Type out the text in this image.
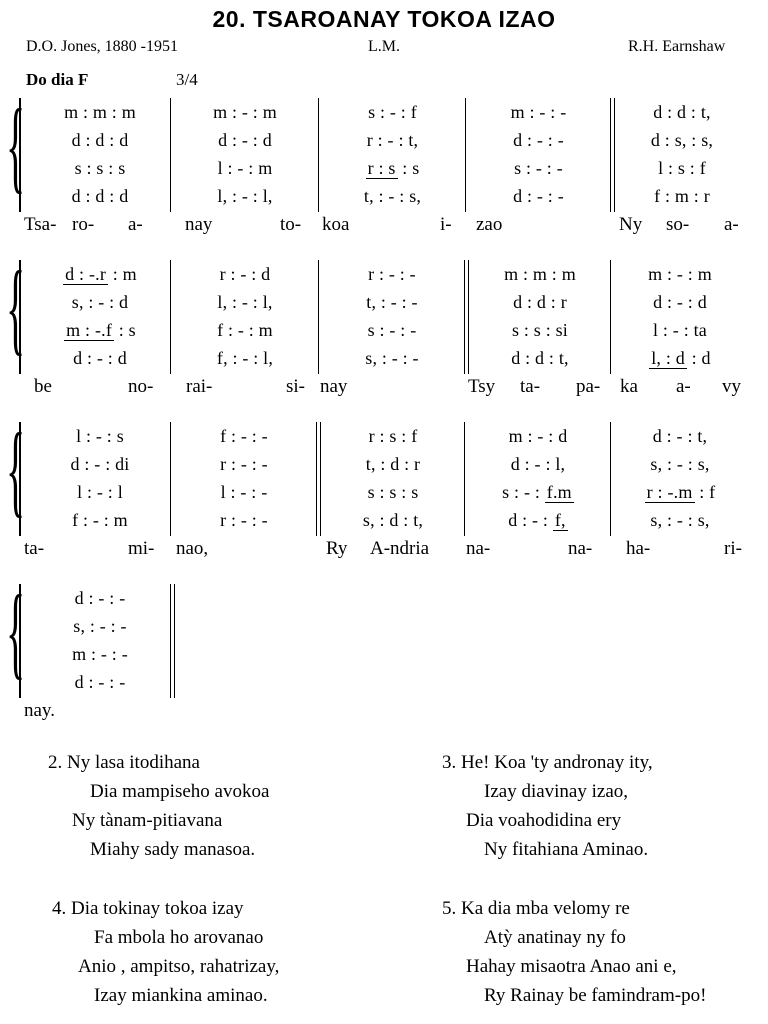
20. TSAROANAY TOKOA IZAO
D.O. Jones, 1880 -1951	L.M.	R.H. Earnshaw
Do dia F	3/4
{	m : m : m	m : - : m	s : - : f	m : - : -	d : d : t,
d : d : d	d : - : d	r : - : t,	d : - : -	d : s, : s,
s : s : s	l : - : m	r : s : s	s : - : -	l : s : f
d : d : d	l, : - : l,	t, : - : s,	d : - : -	f : m : r
Tsa- ro- a- nay	to- koa	i- zao	Ny so- a-
{	d : -.r : m	r : - : d	r : - : -	m : m : m	m : - : m
s, : - : d	l, : - : l,	t, : - : -	d : d : r	d : - : d
m : -.f : s	f : - : m	s : - : -	s : s : si	l : - : ta
d : - : d	f, : - : l,	s, : - : -	d : d : t,	l, : d : d
be	no- rai-	si- nay	Tsy ta- pa- ka a- vy
{	l : - : s	f : - : -	r : s : f	m : - : d	d : - : t,
d : - : di	r : - : -	t, : d : r	d : - : l,	s, : - : s,
l : - : l	l : - : -	s : s : s	s : - : f.m	r : -.m : f
f : - : m	r : - : -	s, : d : t,	d : - : f,	s, : - : s,
ta-	mi- nao,	Ry A-ndria na-	na- ha-	ri-
{	d : - : -
s, : - : -
m : - : -
d : - : -
nay.
2. Ny lasa itodihana
Dia mampiseho avokoa
Ny tànam-pitiavana
Miahy sady manasoa.
3. He! Koa 'ty andronay ity,
Izay diavinay izao,
Dia voahodidina ery
Ny fitahiana Aminao.
4. Dia tokinay tokoa izay
Fa mbola ho arovanao
Anio , ampitso, rahatrizay,
Izay miankina aminao.
5. Ka dia mba velomy re
Atỳ anatinay ny fo
Hahay misaotra Anao ani e,
Ry Rainay be famindram-po!
